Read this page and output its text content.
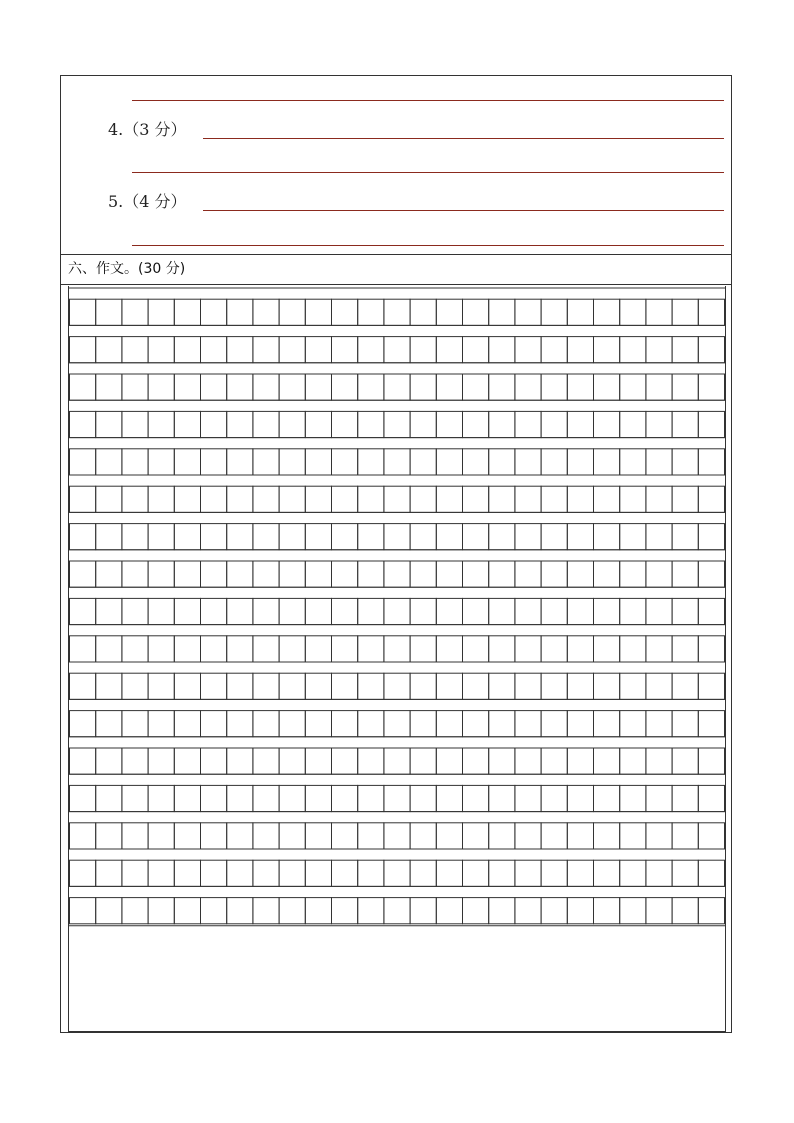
4.（3 分）
5.（4 分）
六、作文。(30 分)
